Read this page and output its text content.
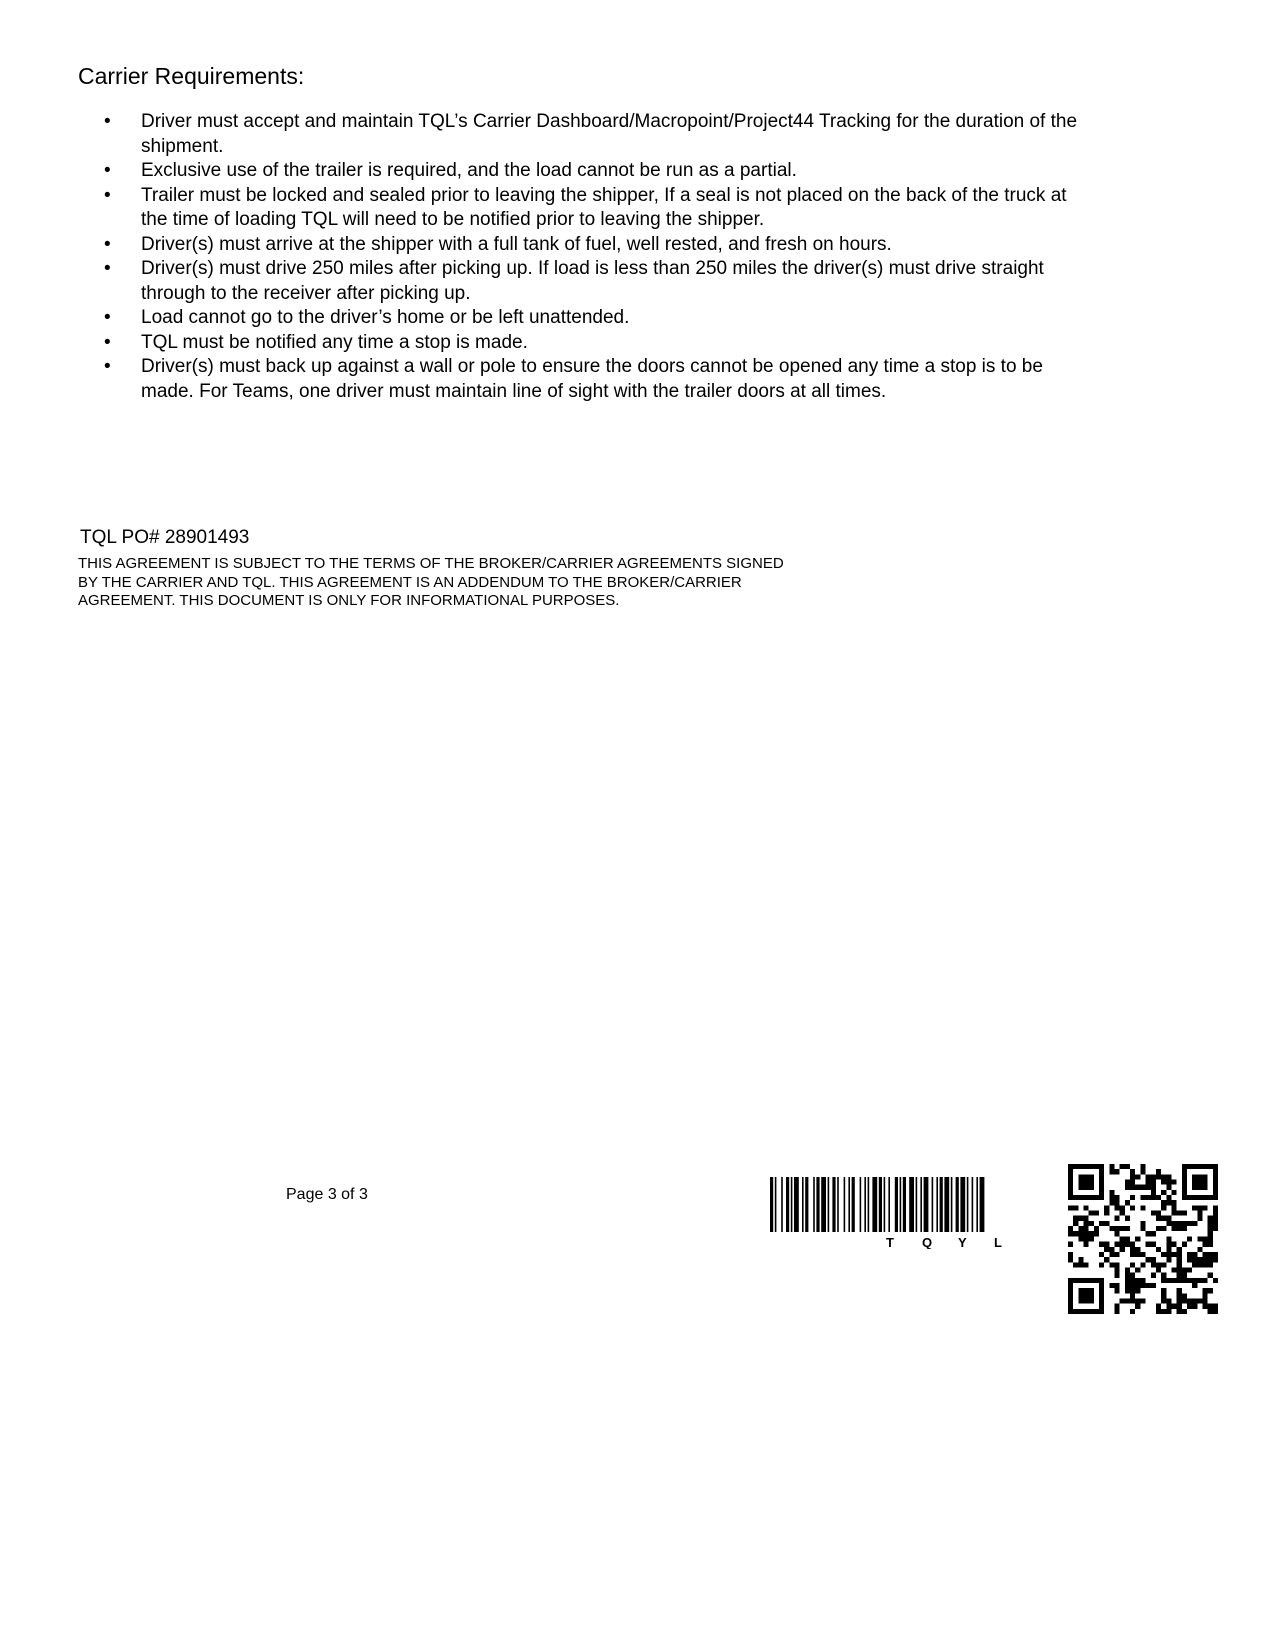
Carrier Requirements:
• Driver must accept and maintain TQL’s Carrier Dashboard/Macropoint/Project44 Tracking for the duration of the shipment.
• Exclusive use of the trailer is required, and the load cannot be run as a partial.
• Trailer must be locked and sealed prior to leaving the shipper, If a seal is not placed on the back of the truck at the time of loading TQL will need to be notified prior to leaving the shipper.
• Driver(s) must arrive at the shipper with a full tank of fuel, well rested, and fresh on hours.
• Driver(s) must drive 250 miles after picking up. If load is less than 250 miles the driver(s) must drive straight through to the receiver after picking up.
• Load cannot go to the driver’s home or be left unattended.
• TQL must be notified any time a stop is made.
• Driver(s) must back up against a wall or pole to ensure the doors cannot be opened any time a stop is to be made. For Teams, one driver must maintain line of sight with the trailer doors at all times.

TQL PO# 28901493

THIS AGREEMENT IS SUBJECT TO THE TERMS OF THE BROKER/CARRIER AGREEMENTS SIGNED BY THE CARRIER AND TQL. THIS AGREEMENT IS AN ADDENDUM TO THE BROKER/CARRIER AGREEMENT. THIS DOCUMENT IS ONLY FOR INFORMATIONAL PURPOSES.

Page 3 of 3

T Q Y L
